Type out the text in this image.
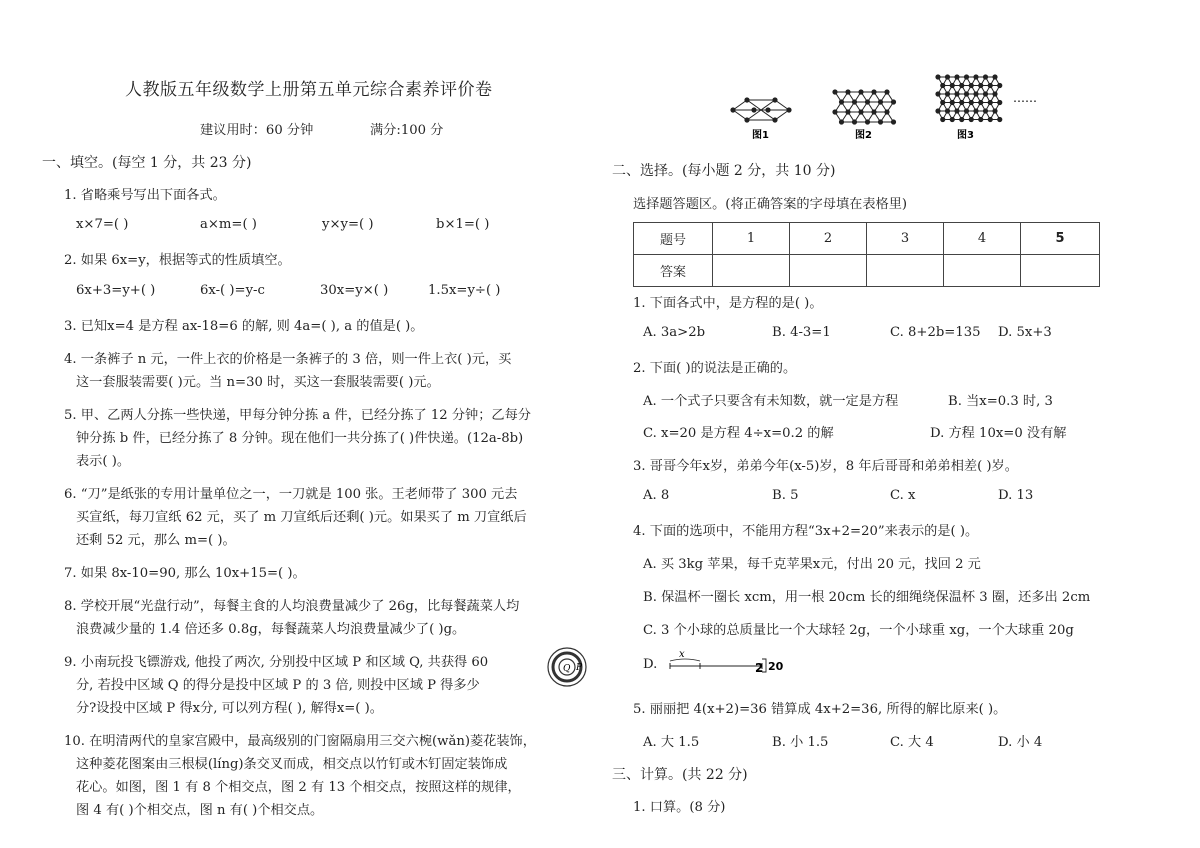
人教版五年级数学上册第五单元综合素养评价卷
建议用时：60 分钟	满分:100 分
一、填空。(每空 1 分，共 23 分)
1. 省略乘号写出下面各式。
x×7=( )	a×m=( )	y×y=( )	b×1=( )
2. 如果 6x=y，根据等式的性质填空。
6x+3=y+( )	6x-( )=y-c	30x=y×( )	1.5x=y÷( )
3. 已知x=4 是方程 ax-18=6 的解, 则 4a=( ), a 的值是( )。
4. 一条裤子 n 元，一件上衣的价格是一条裤子的 3 倍，则一件上衣( )元，买
这一套服装需要( )元。当 n=30 时，买这一套服装需要( )元。
5. 甲、乙两人分拣一些快递，甲每分钟分拣 a 件，已经分拣了 12 分钟；乙每分
钟分拣 b 件，已经分拣了 8 分钟。现在他们一共分拣了( )件快递。(12a-8b)
表示( )。
6. “刀”是纸张的专用计量单位之一，一刀就是 100 张。王老师带了 300 元去
买宣纸，每刀宣纸 62 元，买了 m 刀宣纸后还剩( )元。如果买了 m 刀宣纸后
还剩 52 元，那么 m=( )。
7. 如果 8x-10=90, 那么 10x+15=( )。
8. 学校开展“光盘行动”，每餐主食的人均浪费量减少了 26g，比每餐蔬菜人均
浪费减少量的 1.4 倍还多 0.8g，每餐蔬菜人均浪费量减少了( )g。
9. 小南玩投飞镖游戏, 他投了两次, 分别投中区域 P 和区域 Q, 共获得 60
分, 若投中区域 Q 的得分是投中区域 P 的 3 倍, 则投中区域 P 得多少
分?设投中区域 P 得x分, 可以列方程( ), 解得x=( )。
Q P
10. 在明清两代的皇家宫殿中，最高级别的门窗隔扇用三交六椀(wǎn)菱花装饰，
这种菱花图案由三根棂(líng)条交叉而成，相交点以竹钉或木钉固定装饰成
花心。如图，图 1 有 8 个相交点，图 2 有 13 个相交点，按照这样的规律，
图 4 有( )个相交点，图 n 有( )个相交点。
图1	图2	图3
……
二、选择。(每小题 2 分，共 10 分)
选择题答题区。(将正确答案的字母填在表格里)
题号	1	2	3	4	5
答案					
1. 下面各式中，是方程的是( )。
A. 3a>2b	B. 4-3=1	C. 8+2b=135 D. 5x+3
2. 下面( )的说法是正确的。
A. 一个式子只要含有未知数，就一定是方程	B. 当x=0.3 时, 3
C. x=20 是方程 4÷x=0.2 的解	D. 方程 10x=0 没有解
3. 哥哥今年x岁，弟弟今年(x-5)岁，8 年后哥哥和弟弟相差( )岁。
A. 8	B. 5	C. x	D. 13
4. 下面的选项中，不能用方程“3x+2=20”来表示的是( )。
A. 买 3kg 苹果，每千克苹果x元，付出 20 元，找回 2 元
B. 保温杯一圈长 xcm，用一根 20cm 长的细绳绕保温杯 3 圈，还多出 2cm
C. 3 个小球的总质量比一个大球轻 2g，一个小球重 xg，一个大球重 20g
D.
x
2 20
5. 丽丽把 4(x+2)=36 错算成 4x+2=36, 所得的解比原来( )。
A. 大 1.5	B. 小 1.5	C. 大 4	D. 小 4
三、计算。(共 22 分)
1. 口算。(8 分)
